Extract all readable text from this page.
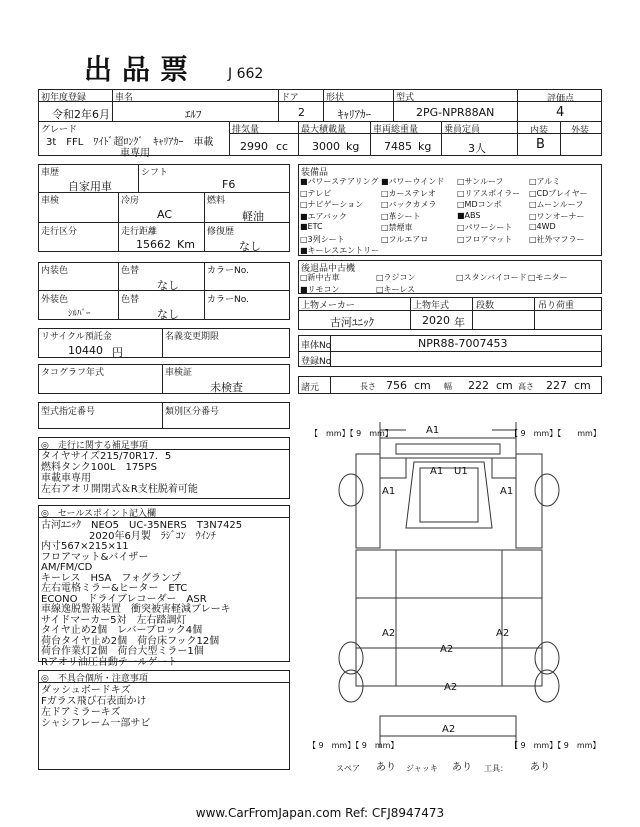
出品票 J 662
初年度登録
令和2年6月
車名
ｴﾙﾌ
ドア
2
形状
ｷｬﾘｱｶｰ
型式
2PG-NPR88AN
評価点
4
グレード
3t　FFL　ﾜｲﾄﾞ超ﾛﾝｸﾞ　ｷｬﾘｱｶｰ　車載
車専用
排気量
2990 cc
最大積載量
3000 kg
車両総重量
7485 kg
乗員定員
3人
内装
B
外装
車歴
自家用車
シフト
F6
車検	冷房
AC
燃料
軽油
走行区分	走行距離
15662 Km
修復歴
なし
内装色	色替
なし
カラーNo.
外装色
ｼﾙﾊﾞｰ
色替
なし
カラーNo.
装備品
■パワーステアリング ■パワーウインド □サンルーフ	□アルミ
□テレビ	□カーステレオ	□リアスポイラー □CDプレイヤー
□ナビゲーション □バックカメラ	□MDコンポ	□ムーンルーフ
■エアバック	□革シート	■ABS	□ワンオーナー
■ETC	□禁煙車	□パワーシート □4WD
□3列シート	□フルエアロ	□フロアマット □社外マフラー
■キーレスエントリー
後退品中古機
□新中古車	□ラジコン	□スタンバイコード □モニター
■リモコン	□キーレス
上物メーカー
古河ﾕﾆｯｸ
上物年式
2020 年
段数	吊り荷重
リサイクル預託金
10440 円
名義変更期限
車体No	NPR88-7007453
登録No
タコグラフ年式	車検証
未検査	諸元	長さ 756 cm 幅 222 cm 高さ 227 cm
型式指定番号	類別区分番号
◎　走行に関する補足事項
タイヤサイズ215/70R17．5
燃料タンク100L　175PS
車載車専用
左右アオリ開閉式＆R支柱脱着可能
◎　セールスポイント記入欄
古河ﾕﾆｯｸ　NEO5　UC-35NERS　T3N7425
2020年6月製　ﾗｼﾞｺﾝ　ｳｲﾝﾁ
内寸567×215×11
フロアマット&バイザー
AM/FM/CD
キーレス　HSA　フォグランプ
左右電格ミラー&ヒーター　ETC
ECONO　ドライブレコーダー　ASR
車線逸脱警報装置　衝突被害軽減ブレーキ
サイドマーカー5対　左右踏調灯
タイヤ止め2個　レバーブロック4個
荷台タイヤ止め2個　荷台床フック12個
荷台作業灯2個　荷台大型ミラー1個
Rアオリ油圧自動テールゲート
◎　不具合個所・注意事項
ダッシュボードキズ
Fガラス飛び石表面かけ
左ドアミラーキズ
シャシフレーム一部サビ
A1
A1 U1
A1	A1
A2	A2
A2
A2
A2
【　mm】【 9　mm】	【 9　mm】【　　mm】
【 9　mm】【 9　mm】	【 9　mm】【 9　mm】
スペア あり ジャッキ あり 工具： あり
www.CarFromJapan.com Ref: CFJ8947473
